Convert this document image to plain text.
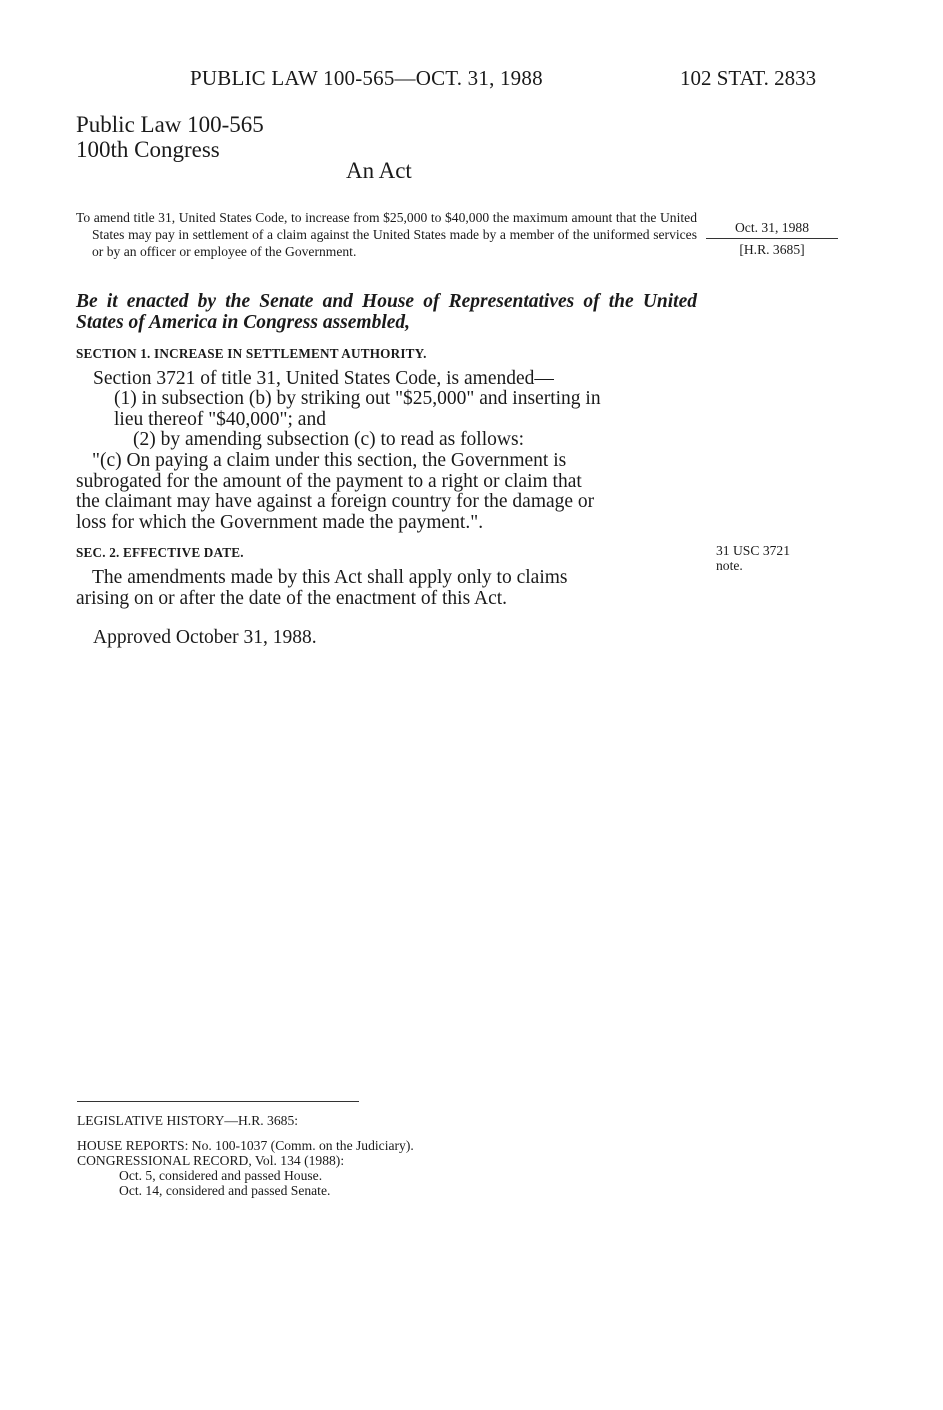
PUBLIC LAW 100-565—OCT. 31, 1988	102 STAT. 2833
Public Law 100-565
100th Congress
An Act
To amend title 31, United States Code, to increase from $25,000 to $40,000 the maximum amount that the United States may pay in settlement of a claim against the United States made by a member of the uniformed services or by an officer or employee of the Government.
Oct. 31, 1988
[H.R. 3685]
Be it enacted by the Senate and House of Representatives of the United States of America in Congress assembled,
SECTION 1. INCREASE IN SETTLEMENT AUTHORITY.
Section 3721 of title 31, United States Code, is amended—
(1) in subsection (b) by striking out "$25,000" and inserting in
lieu thereof "$40,000"; and
(2) by amending subsection (c) to read as follows:
"(c) On paying a claim under this section, the Government is
subrogated for the amount of the payment to a right or claim that
the claimant may have against a foreign country for the damage or
loss for which the Government made the payment.".
SEC. 2. EFFECTIVE DATE.	31 USC 3721
note.
The amendments made by this Act shall apply only to claims
arising on or after the date of the enactment of this Act.
Approved October 31, 1988.
LEGISLATIVE HISTORY—H.R. 3685:
HOUSE REPORTS: No. 100-1037 (Comm. on the Judiciary).
CONGRESSIONAL RECORD, Vol. 134 (1988):
Oct. 5, considered and passed House.
Oct. 14, considered and passed Senate.
